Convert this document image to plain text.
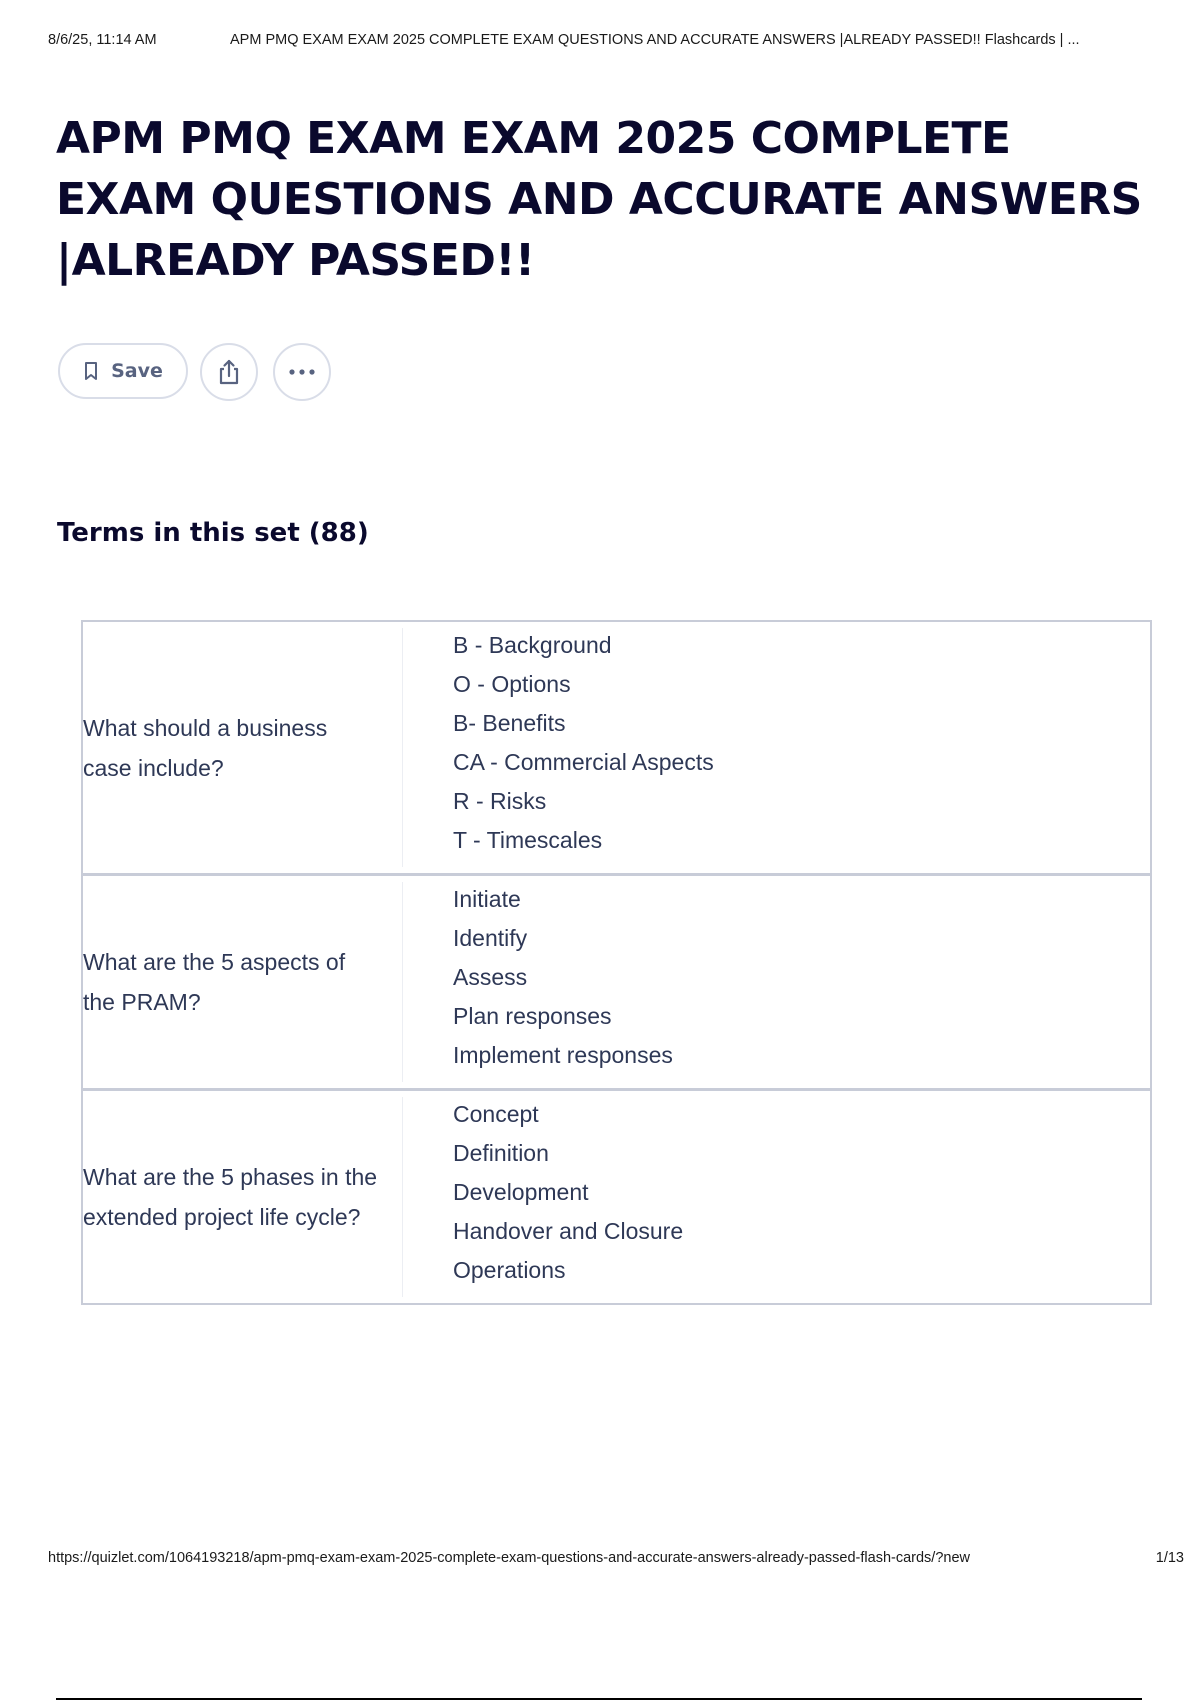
8/6/25, 11:14 AM	APM PMQ EXAM EXAM 2025 COMPLETE EXAM QUESTIONS AND ACCURATE ANSWERS |ALREADY PASSED!! Flashcards | ...
APM PMQ EXAM EXAM 2025 COMPLETE EXAM QUESTIONS AND ACCURATE ANSWERS |ALREADY PASSED!!
Save
Terms in this set (88)
What should a business case include?
B - Background
O - Options
B- Benefits
CA - Commercial Aspects
R - Risks
T - Timescales
What are the 5 aspects of the PRAM?
Initiate
Identify
Assess
Plan responses
Implement responses
What are the 5 phases in the extended project life cycle?
Concept
Definition
Development
Handover and Closure
Operations
https://quizlet.com/1064193218/apm-pmq-exam-exam-2025-complete-exam-questions-and-accurate-answers-already-passed-flash-cards/?new	1/13
